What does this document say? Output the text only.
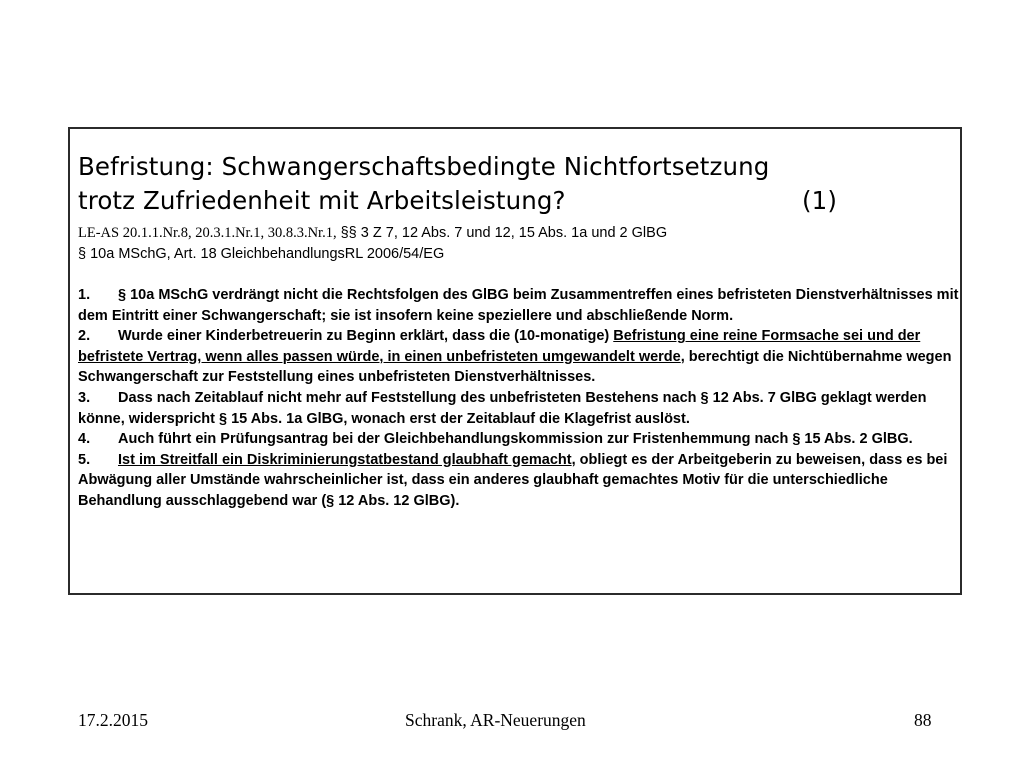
Befristung: Schwangerschaftsbedingte Nichtfortsetzung
trotz Zufriedenheit mit Arbeitsleistung?	(1)
LE-AS 20.1.1.Nr.8, 20.3.1.Nr.1, 30.8.3.Nr.1, §§ 3 Z 7, 12 Abs. 7 und 12, 15 Abs. 1a und 2 GlBG
§ 10a MSchG, Art. 18 GleichbehandlungsRL 2006/54/EG

1. § 10a MSchG verdrängt nicht die Rechtsfolgen des GlBG beim Zusammentreffen eines befristeten Dienstverhältnisses mit dem Eintritt einer Schwangerschaft; sie ist insofern keine speziellere und abschließende Norm.

2. Wurde einer Kinderbetreuerin zu Beginn erklärt, dass die (10-monatige) Befristung eine reine Formsache sei und der befristete Vertrag, wenn alles passen würde, in einen unbefristeten umgewandelt werde, berechtigt die Nichtübernahme wegen Schwangerschaft zur Feststellung eines unbefristeten Dienstverhältnisses.

3. Dass nach Zeitablauf nicht mehr auf Feststellung des unbefristeten Bestehens nach § 12 Abs. 7 GlBG geklagt werden könne, widerspricht § 15 Abs. 1a GlBG, wonach erst der Zeitablauf die Klagefrist auslöst.

4. Auch führt ein Prüfungsantrag bei der Gleichbehandlungskommission zur Fristenhemmung nach § 15 Abs. 2 GlBG.

5. Ist im Streitfall ein Diskriminierungstatbestand glaubhaft gemacht, obliegt es der Arbeitgeberin zu beweisen, dass es bei Abwägung aller Umstände wahrscheinlicher ist, dass ein anderes glaubhaft gemachtes Motiv für die unterschiedliche Behandlung ausschlaggebend war (§ 12 Abs. 12 GlBG).

17.2.2015	Schrank, AR-Neuerungen	88
